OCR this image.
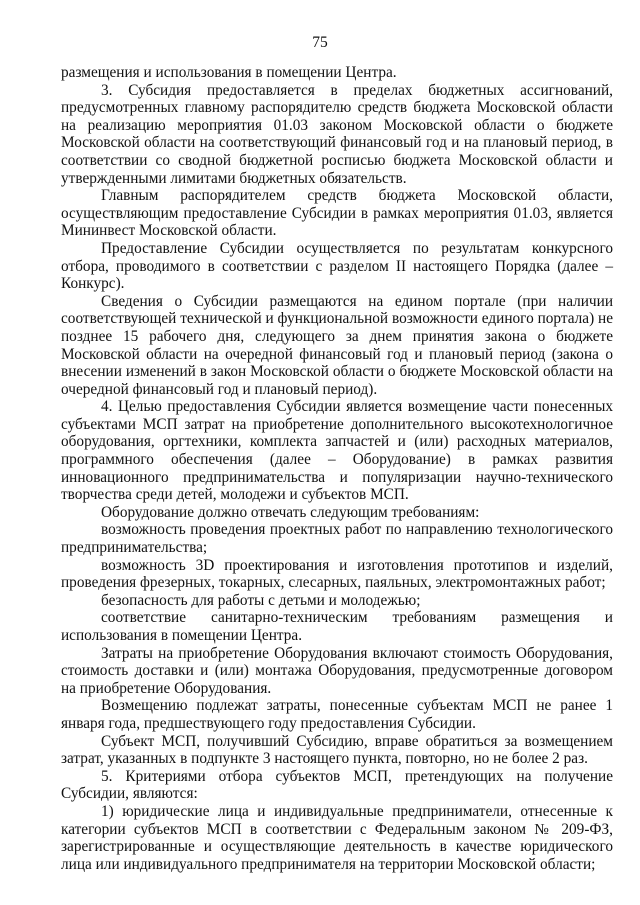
75

размещения и использования в помещении Центра.

3. Субсидия предоставляется в пределах бюджетных ассигнований, предусмотренных главному распорядителю средств бюджета Московской области на реализацию мероприятия 01.03 законом Московской области о бюджете Московской области на соответствующий финансовый год и на плановый период, в соответствии со сводной бюджетной росписью бюджета Московской области и утвержденными лимитами бюджетных обязательств.

Главным распорядителем средств бюджета Московской области, осуществляющим предоставление Субсидии в рамках мероприятия 01.03, является Мининвест Московской области.

Предоставление Субсидии осуществляется по результатам конкурсного отбора, проводимого в соответствии с разделом II настоящего Порядка (далее – Конкурс).

Сведения о Субсидии размещаются на едином портале (при наличии соответствующей технической и функциональной возможности единого портала) не позднее 15 рабочего дня, следующего за днем принятия закона о бюджете Московской области на очередной финансовый год и плановый период (закона о внесении изменений в закон Московской области о бюджете Московской области на очередной финансовый год и плановый период).

4. Целью предоставления Субсидии является возмещение части понесенных субъектами МСП затрат на приобретение дополнительного высокотехнологичное оборудования, оргтехники, комплекта запчастей и (или) расходных материалов, программного обеспечения (далее – Оборудование) в рамках развития инновационного предпринимательства и популяризации научно-технического творчества среди детей, молодежи и субъектов МСП.

Оборудование должно отвечать следующим требованиям:

возможность проведения проектных работ по направлению технологического предпринимательства;

возможность 3D проектирования и изготовления прототипов и изделий, проведения фрезерных, токарных, слесарных, паяльных, электромонтажных работ;

безопасность для работы с детьми и молодежью;

соответствие санитарно-техническим требованиям размещения и использования в помещении Центра.

Затраты на приобретение Оборудования включают стоимость Оборудования, стоимость доставки и (или) монтажа Оборудования, предусмотренные договором на приобретение Оборудования.

Возмещению подлежат затраты, понесенные субъектам МСП не ранее 1 января года, предшествующего году предоставления Субсидии.

Субъект МСП, получивший Субсидию, вправе обратиться за возмещением затрат, указанных в подпункте 3 настоящего пункта, повторно, но не более 2 раз.

5. Критериями отбора субъектов МСП, претендующих на получение Субсидии, являются:

1) юридические лица и индивидуальные предприниматели, отнесенные к категории субъектов МСП в соответствии с Федеральным законом № 209-ФЗ, зарегистрированные и осуществляющие деятельность в качестве юридического лица или индивидуального предпринимателя на территории Московской области;
